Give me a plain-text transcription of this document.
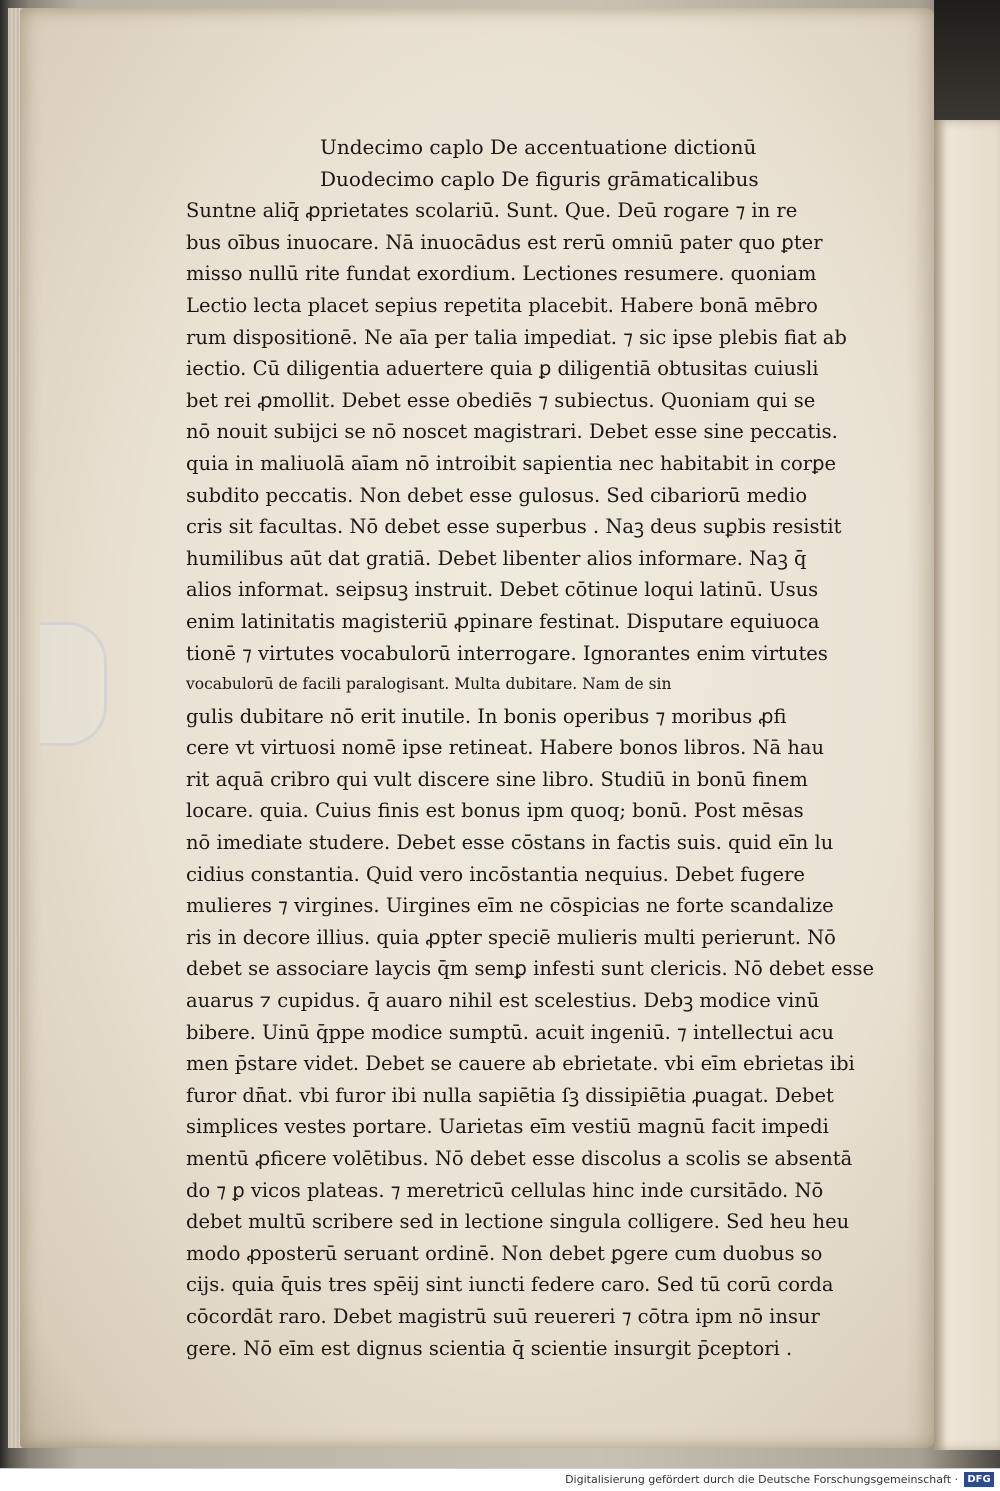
Undecimo caplo De accentuatione dictionū
Duodecimo caplo De figuris grāmaticalibus
Suntne aliq̄ ꝓprietates scolariū. Sunt. Que. Deū rogare ⁊ in re
bus oībus inuocare. Nā inuocādus est rerū omniū pater quo ꝑter
misso nullū rite fundat exordium. Lectiones resumere. quoniam
Lectio lecta placet sepius repetita placebit. Habere bonā mēbro
rum dispositionē. Ne aīa per talia impediat. ⁊ sic ipse plebis fiat ab
iectio. Cū diligentia aduertere quia ꝑ diligentiā obtusitas cuiusli
bet rei ꝓmollit. Debet esse obediēs ⁊ subiectus. Quoniam qui se
nō nouit subijci se nō noscet magistrari. Debet esse sine peccatis.
quia in maliuolā aīam nō introibit sapientia nec habitabit in corꝑe
subdito peccatis. Non debet esse gulosus. Sed cibariorū medio
cris sit facultas. Nō debet esse superbus . Naꝫ deus suꝑbis resistit
humilibus aūt dat gratiā. Debet libenter alios informare. Naꝫ q̄
alios informat. seipsuꝫ instruit. Debet cōtinue loqui latinū. Usus
enim latinitatis magisteriū ꝓpinare festinat. Disputare equiuoca
tionē ⁊ virtutes vocabulorū interrogare. Ignorantes enim virtutes
vocabulorū de facili paralogisant. Multa dubitare. Nam de sin
gulis dubitare nō erit inutile. In bonis operibus ⁊ moribus ꝓfi
cere vt virtuosi nomē ipse retineat. Habere bonos libros. Nā hau
rit aquā cribro qui vult discere sine libro. Studiū in bonū finem
locare. quia. Cuius finis est bonus ipm quoq; bonū. Post mēsas
nō imediate studere. Debet esse cōstans in factis suis. quid eīn lu
cidius constantia. Quid vero incōstantia nequius. Debet fugere
mulieres ⁊ virgines. Uirgines eīm ne cōspicias ne forte scandalize
ris in decore illius. quia ꝓpter speciē mulieris multi perierunt. Nō
debet se associare laycis q̄m semꝑ infesti sunt clericis. Nō debet esse
auarus ⁊ cupidus. q̄ auaro nihil est scelestius. Debꝫ modice vinū
bibere. Uinū q̄ppe modice sumptū. acuit ingeniū. ⁊ intellectui acu
men p̄stare videt. Debet se cauere ab ebrietate. vbi eīm ebrietas ibi
furor dn̄at. vbi furor ibi nulla sapiētia ſꝫ dissipiētia ꝓuagat. Debet
simplices vestes portare. Uarietas eīm vestiū magnū facit impedi
mentū ꝓficere volētibus. Nō debet esse discolus a scolis se absentā
do ⁊ ꝑ vicos plateas. ⁊ meretricū cellulas hinc inde cursitādo. Nō
debet multū scribere sed in lectione singula colligere. Sed heu heu
modo ꝓposterū seruant ordinē. Non debet ꝑgere cum duobus so
cijs. quia q̄uis tres spēij sint iuncti federe caro. Sed tū corū corda
cōcordāt raro. Debet magistrū suū reuereri ⁊ cōtra ipm nō insur
gere. Nō eīm est dignus scientia q̄ scientie insurgit p̄ceptori .
Digitalisierung gefördert durch die Deutsche Forschungsgemeinschaft · DFG
